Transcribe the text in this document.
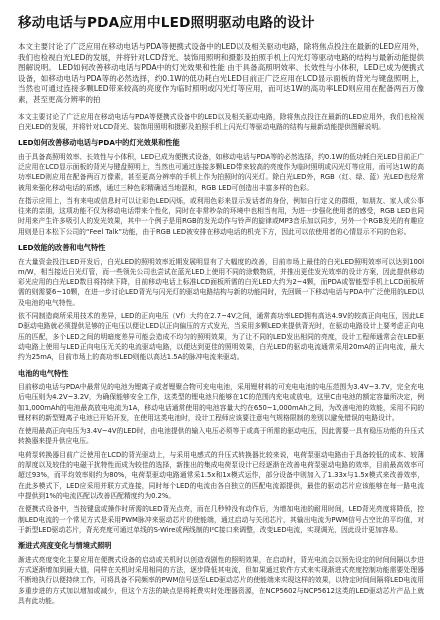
移动电话与PDA应用中LED照明驱动电路的设计

本文主要讨论了广泛应用在移动电话与PDA等便携式设备中的LED以及相关驱动电路，除将焦点投注在最新的LED应用外，我们也检视白光LED的发展，并将针对LCD背光、装饰用照明和摄影及拍照手机上闪光灯等驱动电路的结构与最新动能提供图解说明。 LED如何改善移动电话与PDA中的灯光效果和性能 由于具备高照明效率、长效性与小体积，LED已成为便携式设备，如移动电话与PDA等的必然选择，约0.1W的低功耗白光LED目前正广泛应用在LCD显示面板的背光与键盘照明上，当然也可通过连接多颗LED带来较高的亮度作为临时照明或闪光灯等应用，而可达1W的高功率LED则应用在配备两百万像素，甚至更高分辨率的拍

本文主要讨论了广泛应用在移动电话与PDA等便携式设备中的LED以及相关驱动电路，除将焦点投注在最新的LED应用外，我们也检视白光LED的发展，并将针对LCD背光、装饰用照明和摄影及拍照手机上闪光灯等驱动电路的结构与最新动能提供图解说明。

LED如何改善移动电话与PDA中的灯光效果和性能

由于具备高照明效率、长效性与小体积，LED已成为便携式设备，如移动电话与PDA等的必然选择，约0.1W的低功耗白光LED目前正广泛应用在LCD显示面板的背光与键盘照明上，当然也可通过连接多颗LED带来较高的亮度作为临时照明或闪光灯等应用，而可达1W的高功率LED则应用在配备两百万像素，甚至更高分辨率的手机上作为拍照时的闪光灯。除白光LED外，RGB（红、绿、蓝）光LED也经常被用来强化移动电话的质感，通过三种色彩精确适当地混和，RGB LED可创造出丰富多样的色彩。

在指示应用上，当有来电或信息时可以让彩色LED闪烁，或利用色彩来显示发话者的身份，例如自行定义的群组，如朋友、家人或公事往来的亲朋，这项功能不仅为移动电话带来个性化，同时在非常吵杂的环境中也相当有用，为进一步强化使用者的感受，RGB LED也同时用来产生许多吸引人的发光效果，其中一个例子是用RGB的发光动作与铃声的旋律或MP3音乐加以同步，另外一个RGB发光的有趣应用则是日本松下公司的“Feel Talk”功能，由于RGB LED被安排在移动电话的机壳下方，因此可以依使用者的心情显示不同的色彩。

LED效能的改善和电气特性

在大量资金投注LED开发后，白光LED的照明效率近期发展明显有了大幅度的改善，目前市场上最佳的白光LED照明效率可以达到100lm/W，相当接近日光灯管，而一些领先公司也尝试在蓝光LED上使用不同的涂敷物质，并推出更佳发光效率的设计方案，因此提供移动彩光应用的白光LED数目将持续下降，目前移动电话上标准LCD面板所需的白光LED大约为2~4颗，而PDA或智能型手机上LCD面板所需的则需要6~10颗，在进一步讨论LED背光与闪光灯的驱动电路结构与新的功能同时，先回顾一下移动电话与PDA中广泛使用的LED以及电池的电气特性。

依不同制造商所采用技术的差异，LED的正向电压（Vf）大约在2.7~4V之间，通常高功率LED拥有高达4.9V的较高正向电压，因此LED驱动电路就必须提供足够的正电压以便让LED以正向偏压的方式发光，当采用多颗LED来提供背光时，在驱动电路设计上要考虑正向电压的匹配，多个LED之间的明暗度差异可能会造成不均匀的照明效果，为了让不同的LED发出相同的亮度，设计工程师通常会在LED驱动电路上使用与LED正向电压无关的电流驱动电路，以便达到更佳的照明效果，白光LED的驱动电流通常采用20mA的正向电流，最大约为25mA，目前市场上的高功率LED则能以高达1.5A的脉冲电流来驱动。

电池的电气特性

目前移动电话与PDA中最常见的电池为锂离子或者锂聚合物可充电电池，采用锂材料的可充电电池的电压范围为3.4V~3.7V，完全充电后电压则为4.2V~3.2V，为确保能够安全工作，这类型的锂电池只能够在1C的范围内充电或放电，这里C由电池的额定容量所决定，例如1,000mAh的电池最高放电电流为1A，移动电话通常使用的电池容量大约在650~1,000mAh之间，为改善电池的效能，采用不同的锂材料的新型锂离子电池已开始开发，在使用这类电池时，设计工程师应该要注意电气规格限制的差别以避免错误的电路设计。

在使用最高正向电压为3.4V~4V的LED时，由电池提供的输入电压必须等于或高于所需的驱动电压，因此需要一具有稳压功能的升压式转换器来提升供应电压。

电荷泵转换器目前广泛使用在LCD的背光驱动上，与采用电感式的升压式转换器比较来说，电荷泵驱动电路由于具备较低的成本、较薄的厚度以及较佳的电磁干扰特性而成为较佳的选择，新推出的集成电荷泵设计已经逐渐在改善电荷泵驱动电路的效率，目前最高效率可超过93%，而平均效率则约为80%，电荷泵驱动电路通常采1.5x和1x模式运作，部分设备中则加入了1.33x与1.5x模式来改善效率，在此多模式下，LED应采用并联方式连接，同时每个LED的电流由各自独立的匹配电流源提供，最佳的驱动芯片应该能够在每一路电流中提供到1%的电流匹配以改善匹配精度约为0.2%。

在便携式设备中，当按键盘或操作时所需的LED背光点亮，而在几秒钟没有动作后，为增加电池的耐用时间，LED背光亮度将降低，控制LED电流的一个常见方式是采用PWM脉冲来驱动芯片的使能端，通过启动与关闭芯片，其输出电流为PWM信号占空比的平均值，对于新型LED驱动芯片，背光亮度可通过单线的S-Wire或两线制的I²C接口来调整，改变LED电流，实现调光，因此设计更加容易。

渐进式亮度变化与情境式照明

渐进式亮度变化主要应用在便携式设备的启动或关机时以创造戏剧性的照明效果，在启动时，背光电流会以预先设定的时间间隔以步进方式逐渐增加到最大值，同样在关机时采用相同的方法，逐步降低其电流，但如果通过软件方式来实现渐进式亮度控制功能需要处理器不断地执行以便持续工作，可将具备不同频率的PWM信号送至LED驱动芯片的使能端来实现这样的效果，以特定时间间隔将LED电流用多重步进的方式加以增加或减少，但这个方法的缺点是将耗费实时处理器资源，在NCP5602与NCP5612这类的LED驱动芯片产品上就具有此功能。
